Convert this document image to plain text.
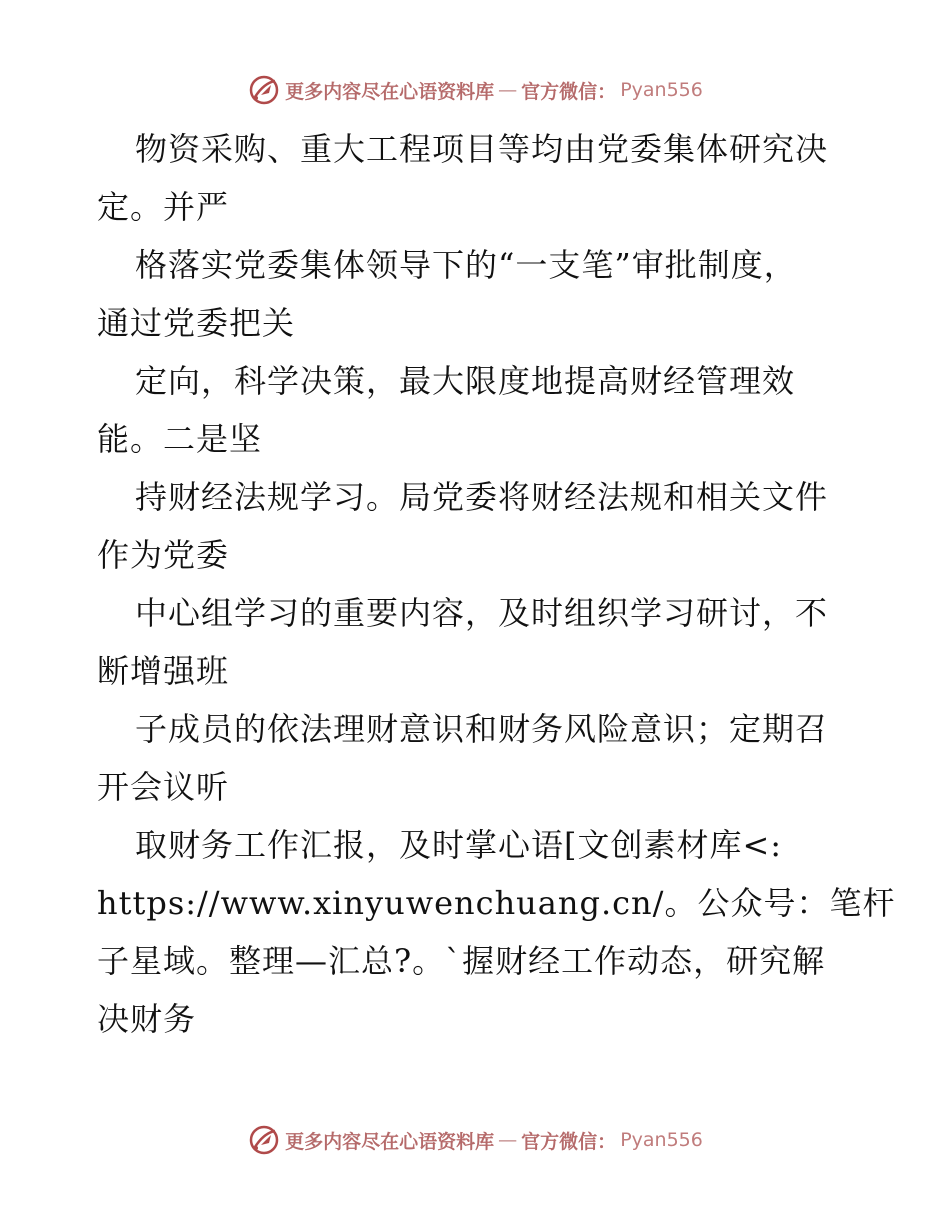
更多内容尽在心语资料库 — 官方微信： Pyan556
物资采购、重大工程项目等均由党委集体研究决
定。并严
格落实党委集体领导下的“一支笔”审批制度，
通过党委把关
定向，科学决策，最大限度地提高财经管理效
能。二是坚
持财经法规学习。局党委将财经法规和相关文件
作为党委
中心组学习的重要内容，及时组织学习研讨，不
断增强班
子成员的依法理财意识和财务风险意识；定期召
开会议听
取财务工作汇报，及时掌心语[文创素材库<:
https://www.xinyuwenchuang.cn/。公众号：笔杆
子星域。整理—汇总?。`握财经工作动态，研究解
决财务
更多内容尽在心语资料库 — 官方微信： Pyan556
